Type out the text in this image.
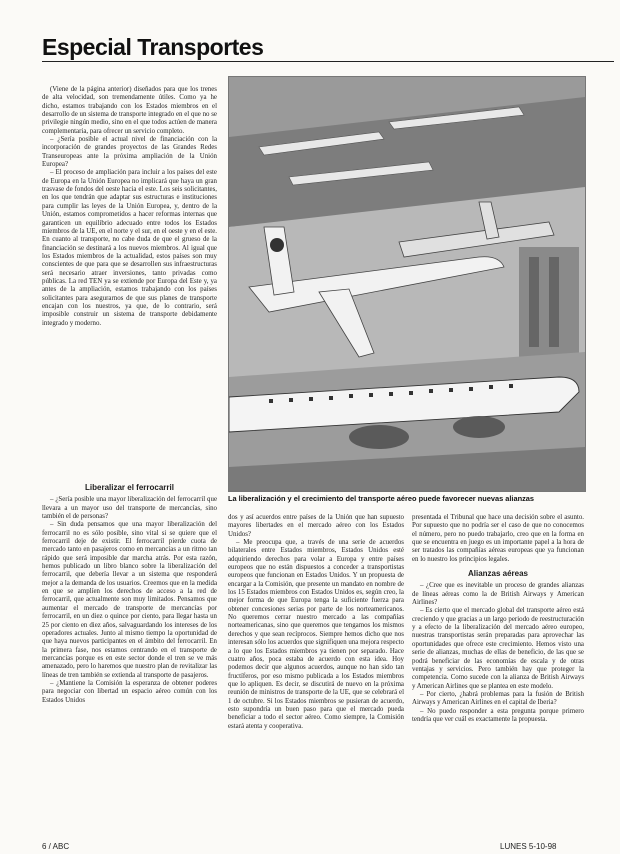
Especial Transportes

(Viene de la página anterior) diseñados para que los trenes de alta velocidad, son tremendamente útiles. Como ya he dicho, estamos trabajando con los Estados miembros en el desarrollo de un sistema de transporte integrado en el que no se privilegie ningún medio, sino en el que todos actúen de manera complementaria, para ofrecer un servicio completo.

– ¿Sería posible el actual nivel de financiación con la incorporación de grandes proyectos de las Grandes Redes Transeuropeas ante la próxima ampliación de la Unión Europea?

– El proceso de ampliación para incluir a los países del este de Europa en la Unión Europea no implicará que haya un gran trasvase de fondos del oeste hacia el este. Los seis solicitantes, en los que tendrán que adaptar sus estructuras e instituciones para cumplir las leyes de la Unión Europea, y, dentro de la Unión, estamos comprometidos a hacer reformas internas que garanticen un equilibrio adecuado entre todos los Estados miembros de la UE, en el norte y el sur, en el oeste y en el este. En cuanto al transporte, no cabe duda de que el grueso de la financiación se destinará a los nuevos miembros. Al igual que los Estados miembros de la actualidad, estos países son muy conscientes de que para que se desarrollen sus infraestructuras será necesario atraer inversiones, tanto privadas como públicas. La red TEN ya se extiende por Europa del Este y, ya antes de la ampliación, estamos trabajando con los países solicitantes para asegurarnos de que sus planes de transporte encajan con los nuestros, ya que, de lo contrario, será imposible construir un sistema de transporte debidamente integrado y moderno.

Liberalizar el ferrocarril

– ¿Sería posible una mayor liberalización del ferrocarril que llevara a un mayor uso del transporte de mercancías, sino también el de personas?

– Sin duda pensamos que una mayor liberalización del ferrocarril no es sólo posible, sino vital si se quiere que el ferrocarril deje de existir. El ferrocarril pierde cuota de mercado tanto en pasajeros como en mercancías a un ritmo tan rápido que será imposible dar marcha atrás. Por esta razón, hemos publicado un libro blanco sobre la liberalización del ferrocarril, que debería llevar a un sistema que responderá mejor a la demanda de los usuarios. Creemos que en la medida en que se amplíen los derechos de acceso a la red de ferrocarril, que actualmente son muy limitados. Pensamos que aumentar el mercado de transporte de mercancías por ferrocarril, en un diez o quince por ciento, para llegar hasta un 25 por ciento en diez años, salvaguardando los intereses de los operadores actuales. Junto al mismo tiempo la oportunidad de que haya nuevos participantes en el ámbito del ferrocarril. En la primera fase, nos estamos centrando en el transporte de mercancías porque es en este sector donde el tren se ve más amenazado, pero lo haremos que nuestro plan de revitalizar las líneas de tren también se extienda al transporte de pasajeros.

– ¿Mantiene la Comisión la esperanza de obtener poderes para negociar con libertad un espacio aéreo común con los Estados Unidos

La liberalización y el crecimiento del transporte aéreo puede favorecer nuevas alianzas

dos y así acuerdos entre países de la Unión que han supuesto mayores libertades en el mercado aéreo con los Estados Unidos?

– Me preocupa que, a través de una serie de acuerdos bilaterales entre Estados miembros, Estados Unidos esté adquiriendo derechos para volar a Europa y entre países europeos que no están dispuestos a conceder a transportistas europeos que funcionan en Estados Unidos. Y un propuesta de encargar a la Comisión, que presente un mandato en nombre de los 15 Estados miembros con Estados Unidos es, según creo, la mejor forma de que Europa tenga la suficiente fuerza para obtener concesiones serias por parte de los norteamericanos. No queremos cerrar nuestro mercado a las compañías norteamericanas, sino que queremos que tengamos los mismos derechos y que sean recíprocos. Siempre hemos dicho que nos interesan sólo los acuerdos que signifiquen una mejora respecto a lo que los Estados miembros ya tienen por separado. Hace cuatro años, poca estaba de acuerdo con esta idea. Hoy podemos decir que algunos acuerdos, aunque no han sido tan fructíferos, por eso mismo publicada a los Estados miembros que lo apliquen. Es decir, se discutirá de nuevo en la próxima reunión de ministros de transporte de la UE, que se celebrará el 1 de octubre. Si los Estados miembros se pusieran de acuerdo, esto supondría un buen paso para que el mercado pueda beneficiar a todo el sector aéreo. Como siempre, la Comisión estará atenta y cooperativa.

presentada el Tribunal que hace una decisión sobre el asunto. Por supuesto que no podría ser el caso de que no conocemos el número, pero no puedo trabajarlo, creo que en la forma en que se encuentra en juego es un importante papel a la hora de ser tratados las compañías aéreas europeas que ya funcionan en lo nuestro los principios legales.

Alianzas aéreas

– ¿Cree que es inevitable un proceso de grandes alianzas de líneas aéreas como la de British Airways y American Airlines?

– Es cierto que el mercado global del transporte aéreo está creciendo y que gracias a un largo periodo de reestructuración y a efecto de la liberalización del mercado aéreo europeo, nuestras transportistas serán preparadas para aprovechar las oportunidades que ofrece este crecimiento. Hemos visto una serie de alianzas, muchas de ellas de beneficio, de las que se podrá beneficiar de las economías de escala y de otras ventajas y servicios. Pero también hay que proteger la competencia. Como sucede con la alianza de British Airways y American Airlines que se plantea en este modelo.

– Por cierto, ¿habrá problemas para la fusión de British Airways y American Airlines en el capital de Iberia?

– No puedo responder a esta pregunta porque primero tendría que ver cuál es exactamente la propuesta.

6 / ABC	LUNES 5-10-98
